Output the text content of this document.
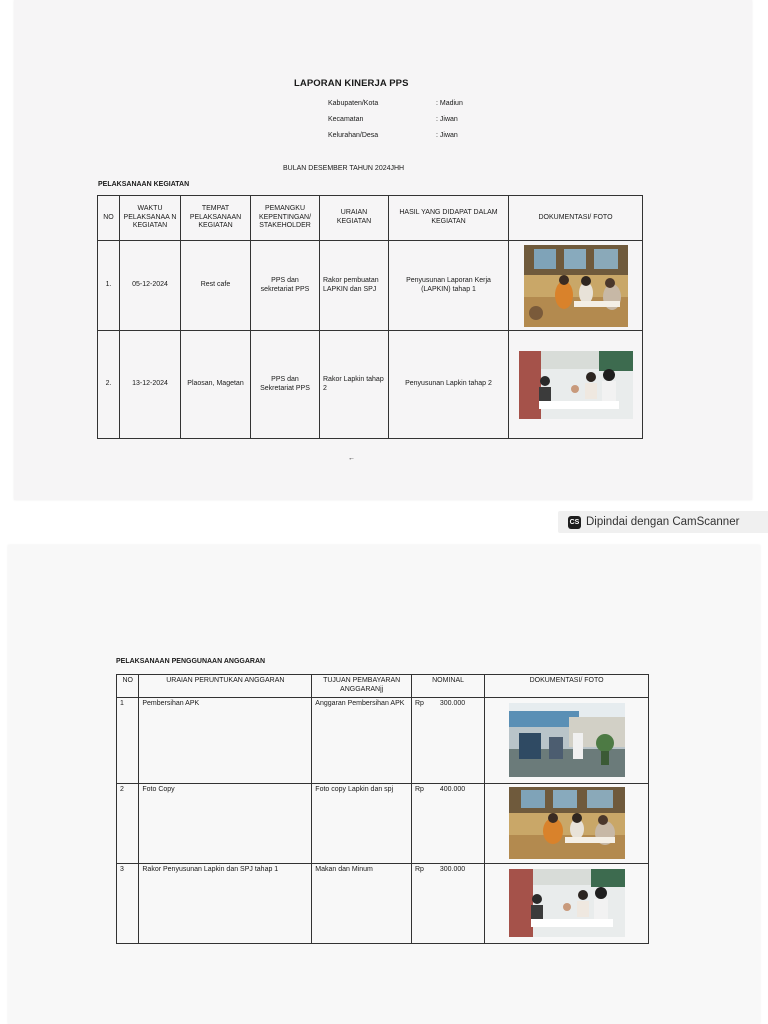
LAPORAN KINERJA PPS
Kabupaten/Kota	: Madiun
Kecamatan	: Jiwan
Kelurahan/Desa	: Jiwan
BULAN DESEMBER TAHUN 2024JHH
PELAKSANAAN KEGIATAN
NO	WAKTU PELAKSANAA N KEGIATAN	TEMPAT PELAKSANAAN KEGIATAN	PEMANGKU KEPENTINGAN/ STAKEHOLDER	URAIAN KEGIATAN	HASIL YANG DIDAPAT DALAM KEGIATAN	DOKUMENTASI/ FOTO
1.	05-12-2024	Rest cafe	PPS dan sekretariat PPS	Rakor pembuatan LAPKIN dan SPJ	Penyusunan Laporan Kerja (LAPKIN) tahap 1	

2.	13-12-2024	Plaosan, Magetan	PPS dan Sekretariat PPS	Rakor Lapkin tahap 2	Penyusunan Lapkin tahap 2	
←
CS Dipindai dengan CamScanner
PELAKSANAAN PENGGUNAAN ANGGARAN
NO	URAIAN PERUNTUKAN ANGGARAN	TUJUAN PEMBAYARAN ANGGARANjj	NOMINAL	DOKUMENTASI/ FOTO
1	Pembersihan APK	Anggaran Pembersihan APK	Rp 300.000	

2	Foto Copy	Foto copy Lapkin dan spj	Rp 400.000	

3	Rakor Penyusunan Lapkin dan SPJ tahap 1	Makan dan Minum	Rp 300.000	
